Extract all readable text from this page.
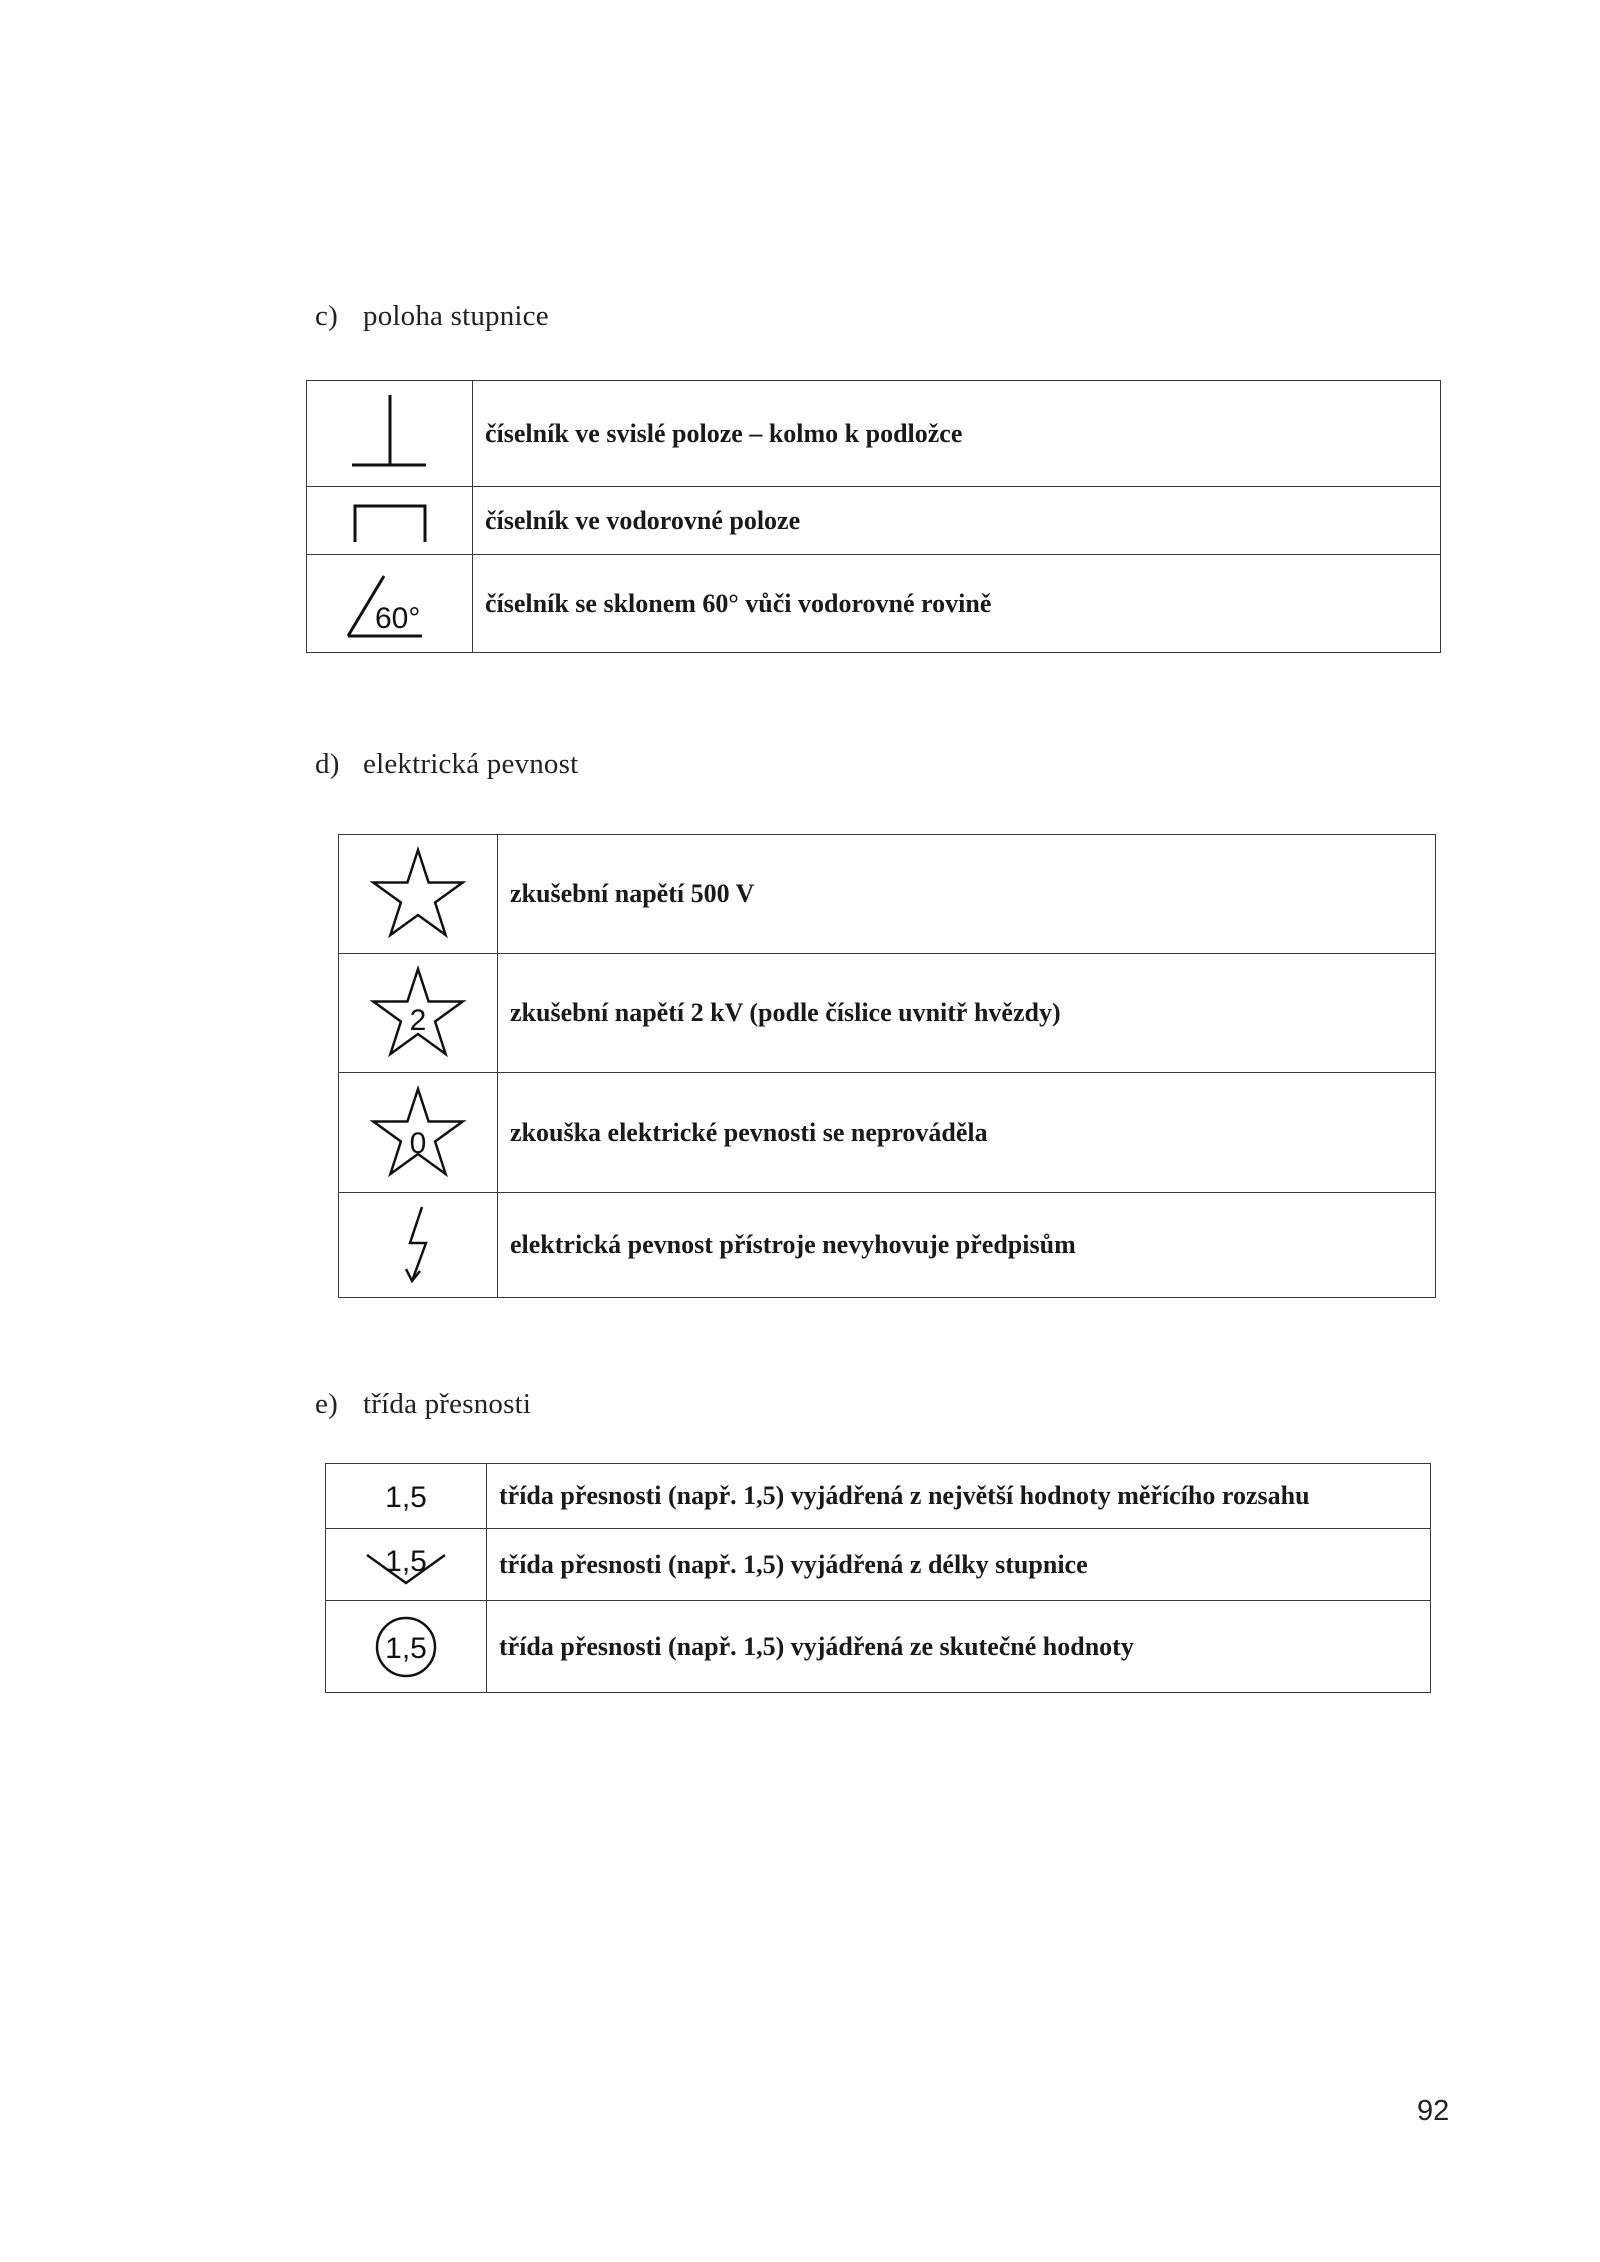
c) poloha stupnice
	číselník ve svislé poloze – kolmo k podložce

	číselník ve vodorovné poloze

60°	číselník se sklonem 60° vůči vodorovné rovině
d) elektrická pevnost
	zkušební napětí 500 V

2	zkušební napětí 2 kV (podle číslice uvnitř hvězdy)

0	zkouška elektrické pevnosti se neprováděla

	elektrická pevnost přístroje nevyhovuje předpisům
e) třída přesnosti
1,5	třída přesnosti (např. 1,5) vyjádřená z největší hodnoty měřícího rozsahu

1,5	třída přesnosti (např. 1,5) vyjádřená z délky stupnice

1,5	třída přesnosti (např. 1,5) vyjádřená ze skutečné hodnoty
92
